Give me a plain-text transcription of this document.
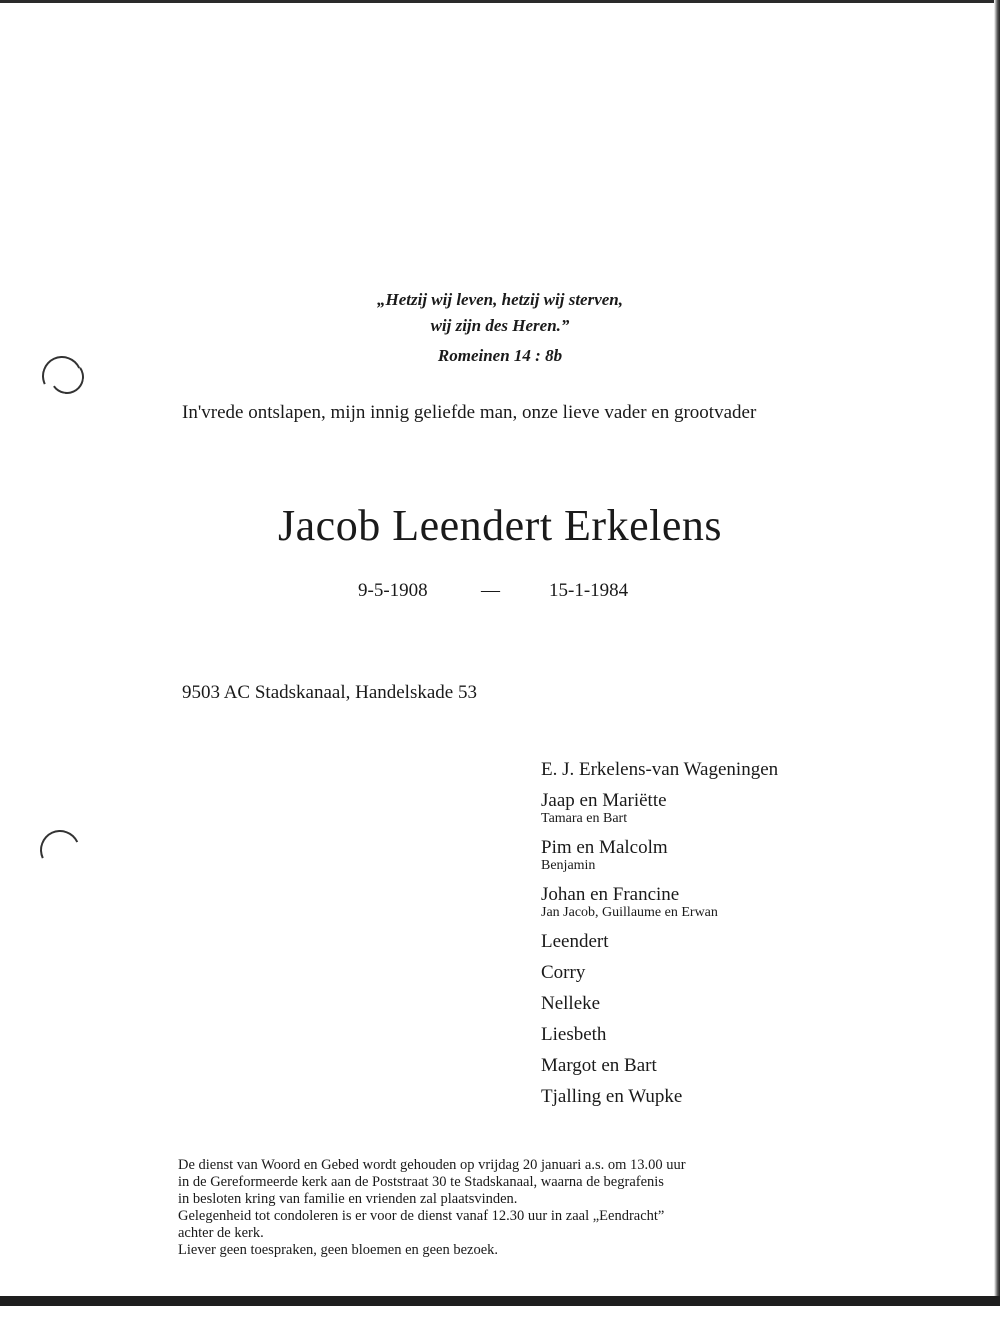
„Hetzij wij leven, hetzij wij sterven,
wij zijn des Heren.”
Romeinen 14 : 8b
In'vrede ontslapen, mijn innig geliefde man, onze lieve vader en grootvader
Jacob Leendert Erkelens
9-5-1908	—	15-1-1984
9503 AC Stadskanaal, Handelskade 53
E. J. Erkelens-van Wageningen
Jaap en Mariëtte
Tamara en Bart
Pim en Malcolm
Benjamin
Johan en Francine
Jan Jacob, Guillaume en Erwan
Leendert
Corry
Nelleke
Liesbeth
Margot en Bart
Tjalling en Wupke
De dienst van Woord en Gebed wordt gehouden op vrijdag 20 januari a.s. om 13.00 uur
in de Gereformeerde kerk aan de Poststraat 30 te Stadskanaal, waarna de begrafenis
in besloten kring van familie en vrienden zal plaatsvinden.
Gelegenheid tot condoleren is er voor de dienst vanaf 12.30 uur in zaal „Eendracht”
achter de kerk.
Liever geen toespraken, geen bloemen en geen bezoek.
